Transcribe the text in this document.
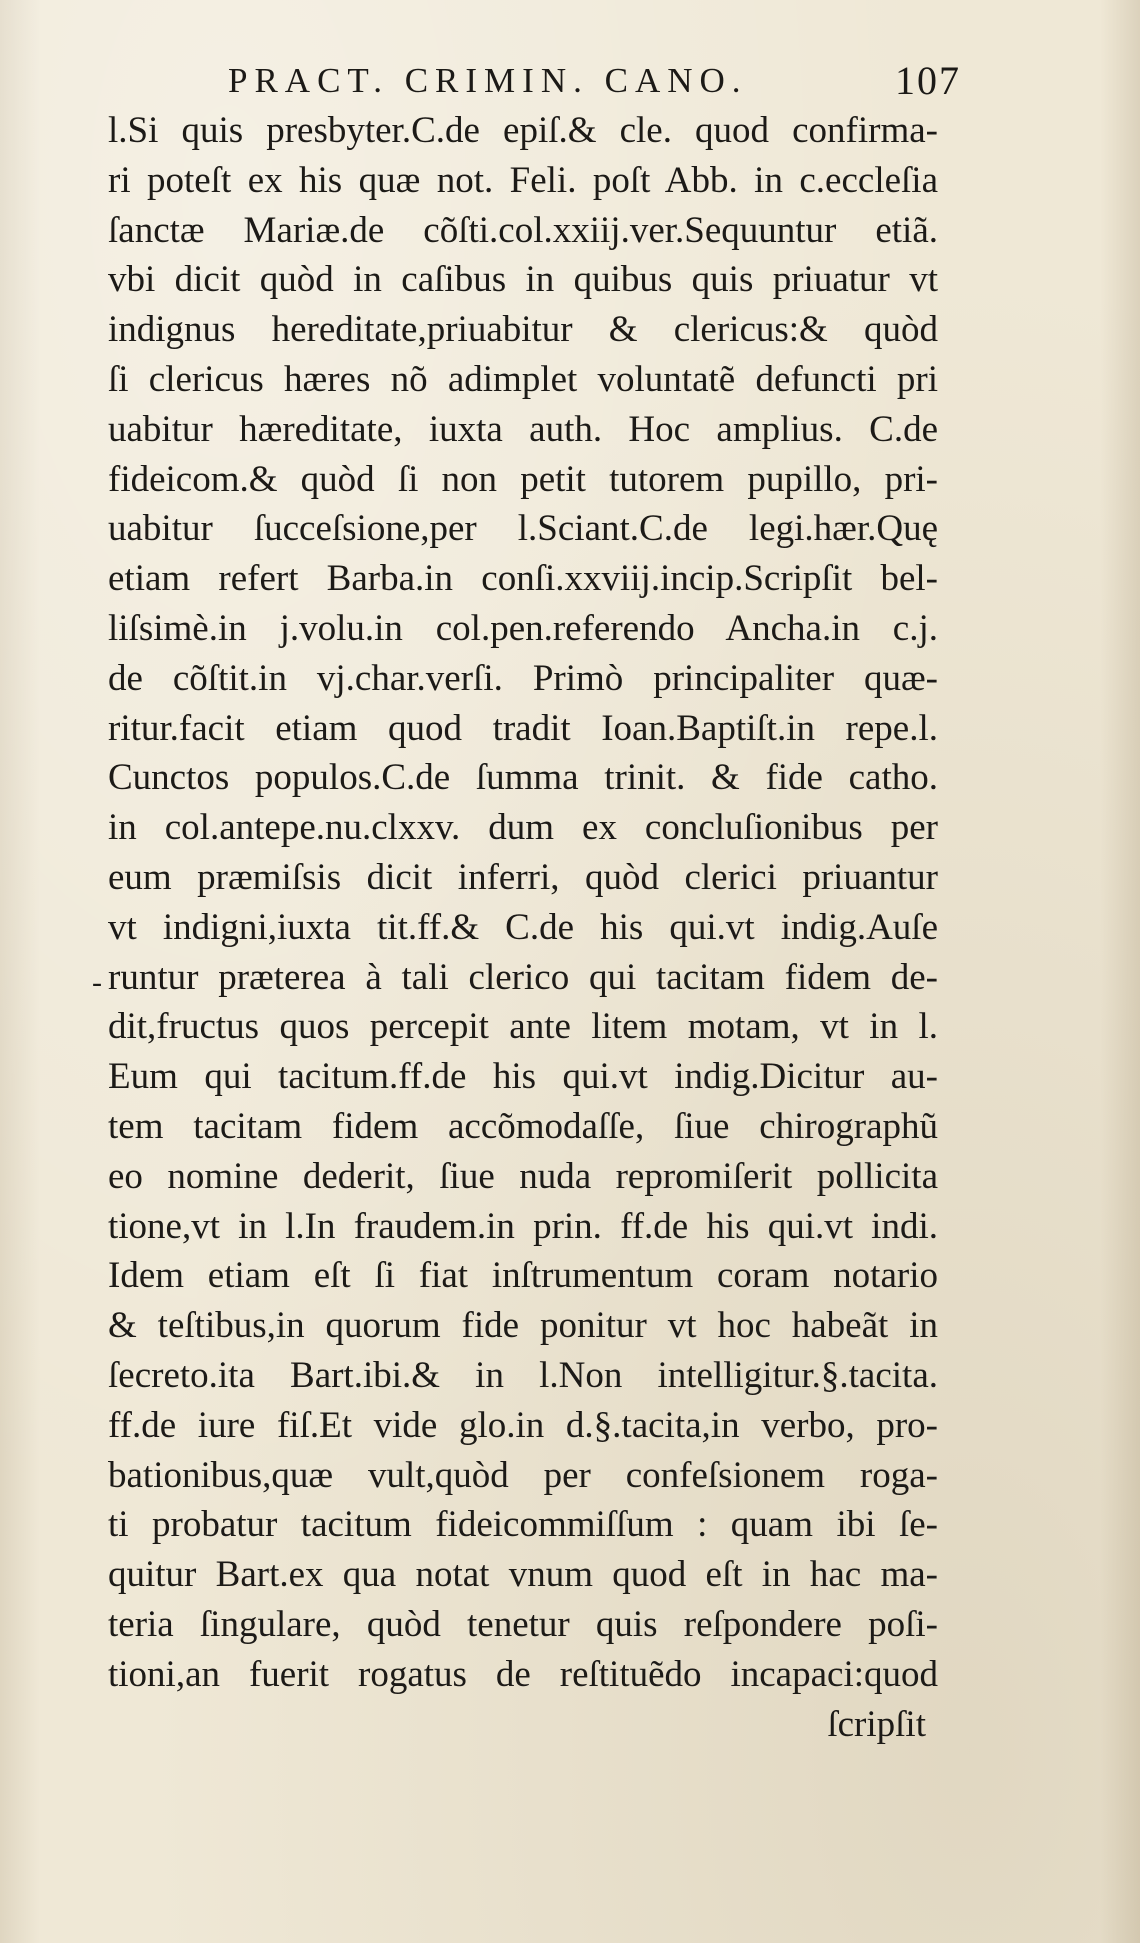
PRACT. CRIMIN. CANO.	107
-
l.Si quis presbyter.C.de epiſ.& cle. quod confirma-
ri poteſt ex his quæ not. Feli. poſt Abb. in c.eccleſia
ſanctæ Mariæ.de cõſti.col.xxiij.ver.Sequuntur etiã.
vbi dicit quòd in caſibus in quibus quis priuatur vt
indignus hereditate,priuabitur & clericus:& quòd
ſi clericus hæres nõ adimplet voluntatẽ defuncti pri
uabitur hæreditate, iuxta auth. Hoc amplius. C.de
fideicom.& quòd ſi non petit tutorem pupillo, pri-
uabitur ſucceſsione,per l.Sciant.C.de legi.hær.Quę
etiam refert Barba.in conſi.xxviij.incip.Scripſit bel-
liſsimè.in j.volu.in col.pen.referendo Ancha.in c.j.
de cõſtit.in vj.char.verſi. Primò principaliter quæ-
ritur.facit etiam quod tradit Ioan.Baptiſt.in repe.l.
Cunctos populos.C.de ſumma trinit. & fide catho.
in col.antepe.nu.clxxv. dum ex concluſionibus per
eum præmiſsis dicit inferri, quòd clerici priuantur
vt indigni,iuxta tit.ff.& C.de his qui.vt indig.Auſe
runtur præterea à tali clerico qui tacitam fidem de-
dit,fructus quos percepit ante litem motam, vt in l.
Eum qui tacitum.ff.de his qui.vt indig.Dicitur au-
tem tacitam fidem accõmodaſſe, ſiue chirographũ
eo nomine dederit, ſiue nuda repromiſerit pollicita
tione,vt in l.In fraudem.in prin. ff.de his qui.vt indi.
Idem etiam eſt ſi fiat inſtrumentum coram notario
& teſtibus,in quorum fide ponitur vt hoc habeãt in
ſecreto.ita Bart.ibi.& in l.Non intelligitur.§.tacita.
ff.de iure fiſ.Et vide glo.in d.§.tacita,in verbo, pro-
bationibus,quæ vult,quòd per confeſsionem roga-
ti probatur tacitum fideicommiſſum : quam ibi ſe-
quitur Bart.ex qua notat vnum quod eſt in hac ma-
teria ſingulare, quòd tenetur quis reſpondere poſi-
tioni,an fuerit rogatus de reſtituẽdo incapaci:quod
ſcripſit
